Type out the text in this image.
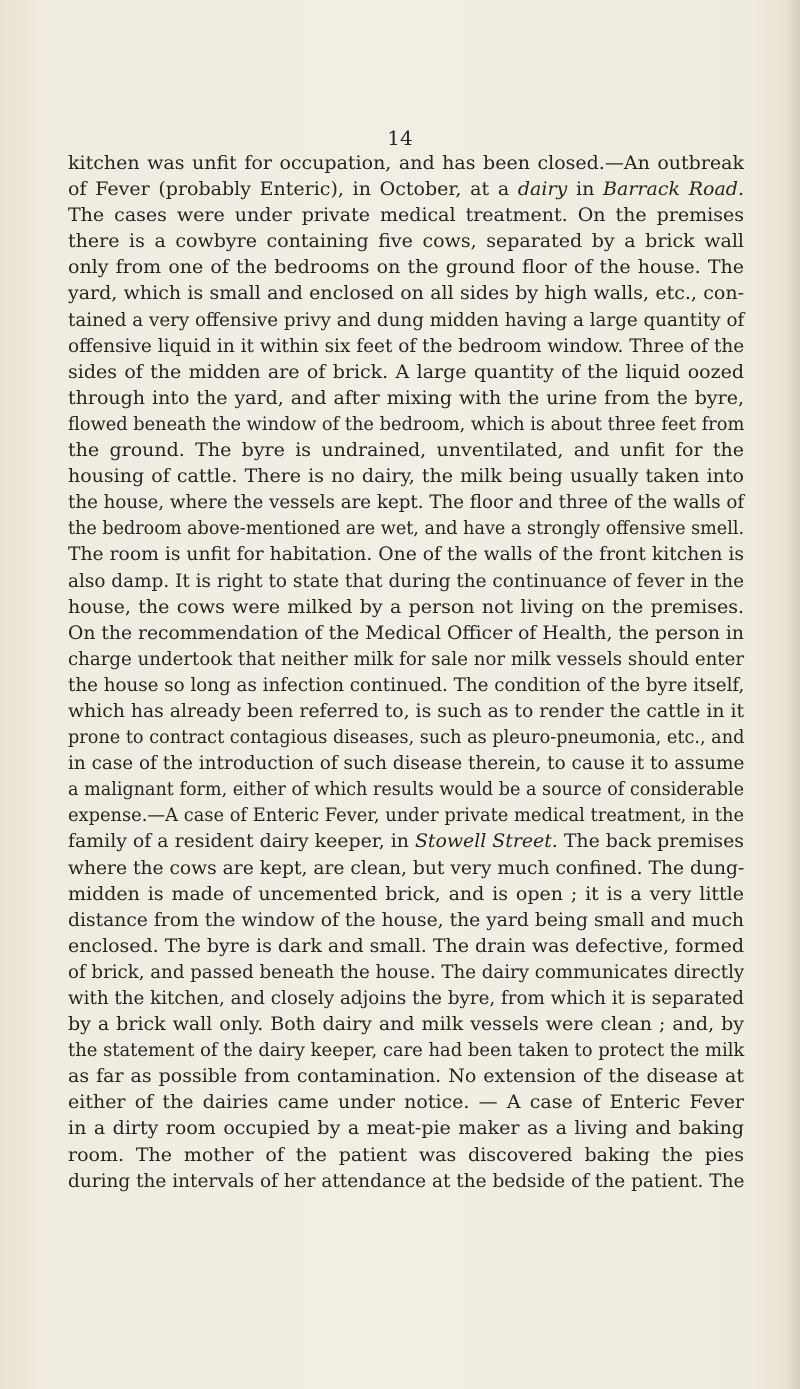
14

kitchen was unfit for occupation, and has been closed.—An outbreak
of Fever (probably Enteric), in October, at a dairy in Barrack Road.
The cases were under private medical treatment. On the premises
there is a cowbyre containing five cows, separated by a brick wall
only from one of the bedrooms on the ground floor of the house. The
yard, which is small and enclosed on all sides by high walls, etc., con-
tained a very offensive privy and dung midden having a large quantity of
offensive liquid in it within six feet of the bedroom window. Three of the
sides of the midden are of brick. A large quantity of the liquid oozed
through into the yard, and after mixing with the urine from the byre,
flowed beneath the window of the bedroom, which is about three feet from
the ground. The byre is undrained, unventilated, and unfit for the
housing of cattle. There is no dairy, the milk being usually taken into
the house, where the vessels are kept. The floor and three of the walls of
the bedroom above-mentioned are wet, and have a strongly offensive smell.
The room is unfit for habitation. One of the walls of the front kitchen is
also damp. It is right to state that during the continuance of fever in the
house, the cows were milked by a person not living on the premises.
On the recommendation of the Medical Officer of Health, the person in
charge undertook that neither milk for sale nor milk vessels should enter
the house so long as infection continued. The condition of the byre itself,
which has already been referred to, is such as to render the cattle in it
prone to contract contagious diseases, such as pleuro-pneumonia, etc., and
in case of the introduction of such disease therein, to cause it to assume
a malignant form, either of which results would be a source of considerable
expense.—A case of Enteric Fever, under private medical treatment, in the
family of a resident dairy keeper, in Stowell Street. The back premises
where the cows are kept, are clean, but very much confined. The dung-
midden is made of uncemented brick, and is open ; it is a very little
distance from the window of the house, the yard being small and much
enclosed. The byre is dark and small. The drain was defective, formed
of brick, and passed beneath the house. The dairy communicates directly
with the kitchen, and closely adjoins the byre, from which it is separated
by a brick wall only. Both dairy and milk vessels were clean ; and, by
the statement of the dairy keeper, care had been taken to protect the milk
as far as possible from contamination. No extension of the disease at
either of the dairies came under notice. — A case of Enteric Fever
in a dirty room occupied by a meat-pie maker as a living and baking
room. The mother of the patient was discovered baking the pies
during the intervals of her attendance at the bedside of the patient. The
